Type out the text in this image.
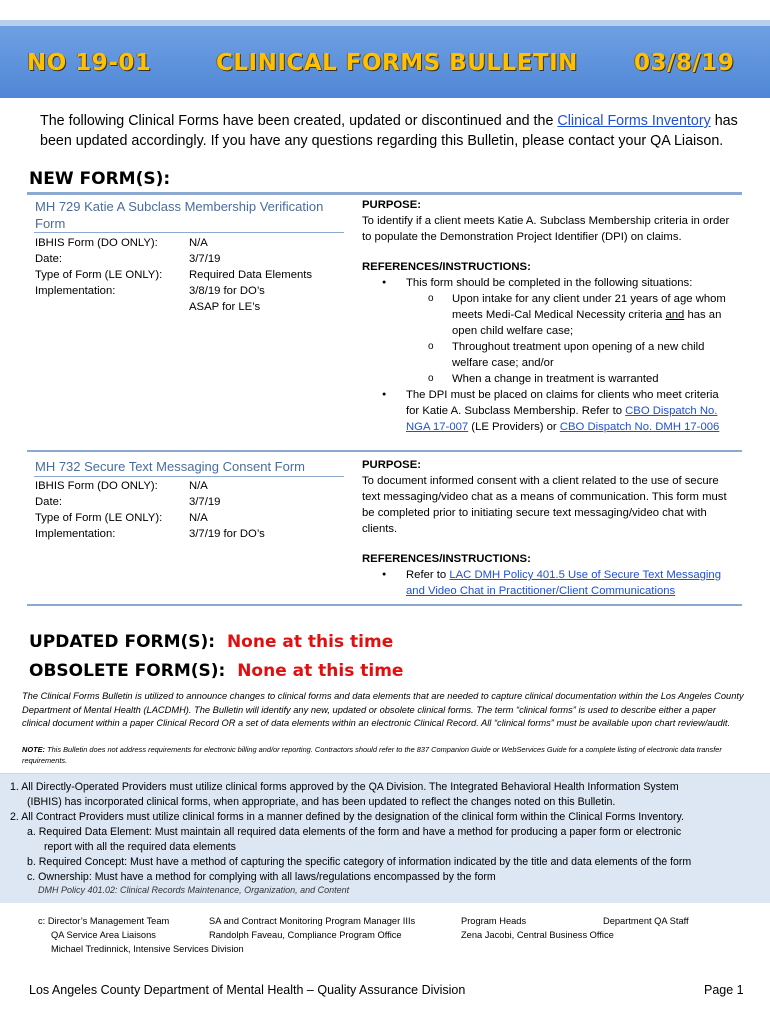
NO 19-01	CLINICAL FORMS BULLETIN 03/8/19
The following Clinical Forms have been created, updated or discontinued and the Clinical Forms Inventory has been updated accordingly. If you have any questions regarding this Bulletin, please contact your QA Liaison.
NEW FORM(S):
MH 729 Katie A Subclass Membership Verification Form
IBHIS Form (DO ONLY):	N/A
Date:	3/7/19
Type of Form (LE ONLY): Required Data Elements
Implementation:	3/8/19 for DO’s
ASAP for LE’s
PURPOSE:
To identify if a client meets Katie A. Subclass Membership criteria in order to populate the Demonstration Project Identifier (DPI) on claims.
REFERENCES/INSTRUCTIONS:
● This form should be completed in the following situations:
o Upon intake for any client under 21 years of age whom meets Medi-Cal Medical Necessity criteria and has an open child welfare case;
o Throughout treatment upon opening of a new child welfare case; and/or
o When a change in treatment is warranted
● The DPI must be placed on claims for clients who meet criteria for Katie A. Subclass Membership. Refer to CBO Dispatch No. NGA 17-007 (LE Providers) or CBO Dispatch No. DMH 17-006
MH 732 Secure Text Messaging Consent Form
IBHIS Form (DO ONLY):	N/A
Date:	3/7/19
Type of Form (LE ONLY): N/A
Implementation:	3/7/19 for DO’s
PURPOSE:
To document informed consent with a client related to the use of secure text messaging/video chat as a means of communication. This form must be completed prior to initiating secure text messaging/video chat with clients.
REFERENCES/INSTRUCTIONS:
● Refer to LAC DMH Policy 401.5 Use of Secure Text Messaging and Video Chat in Practitioner/Client Communications
UPDATED FORM(S): None at this time
OBSOLETE FORM(S): None at this time
The Clinical Forms Bulletin is utilized to announce changes to clinical forms and data elements that are needed to capture clinical documentation within the Los Angeles County Department of Mental Health (LACDMH). The Bulletin will identify any new, updated or obsolete clinical forms. The term “clinical forms” is used to describe either a paper clinical document within a paper Clinical Record OR a set of data elements within an electronic Clinical Record. All “clinical forms” must be available upon chart review/audit.
NOTE: This Bulletin does not address requirements for electronic billing and/or reporting. Contractors should refer to the 837 Companion Guide or WebServices Guide for a complete listing of electronic data transfer requirements.
1. All Directly-Operated Providers must utilize clinical forms approved by the QA Division. The Integrated Behavioral Health Information System
(IBHIS) has incorporated clinical forms, when appropriate, and has been updated to reflect the changes noted on this Bulletin.
2. All Contract Providers must utilize clinical forms in a manner defined by the designation of the clinical form within the Clinical Forms Inventory.
a. Required Data Element: Must maintain all required data elements of the form and have a method for producing a paper form or electronic
report with all the required data elements
b. Required Concept: Must have a method of capturing the specific category of information indicated by the title and data elements of the form
c. Ownership: Must have a method for complying with all laws/regulations encompassed by the form
DMH Policy 401.02: Clinical Records Maintenance, Organization, and Content
c: Director’s Management Team	SA and Contract Monitoring Program Manager IIIs	Program Heads	Department QA Staff
QA Service Area Liaisons	Randolph Faveau, Compliance Program Office	Zena Jacobi, Central Business Office
Michael Tredinnick, Intensive Services Division
Los Angeles County Department of Mental Health – Quality Assurance Division	Page 1
